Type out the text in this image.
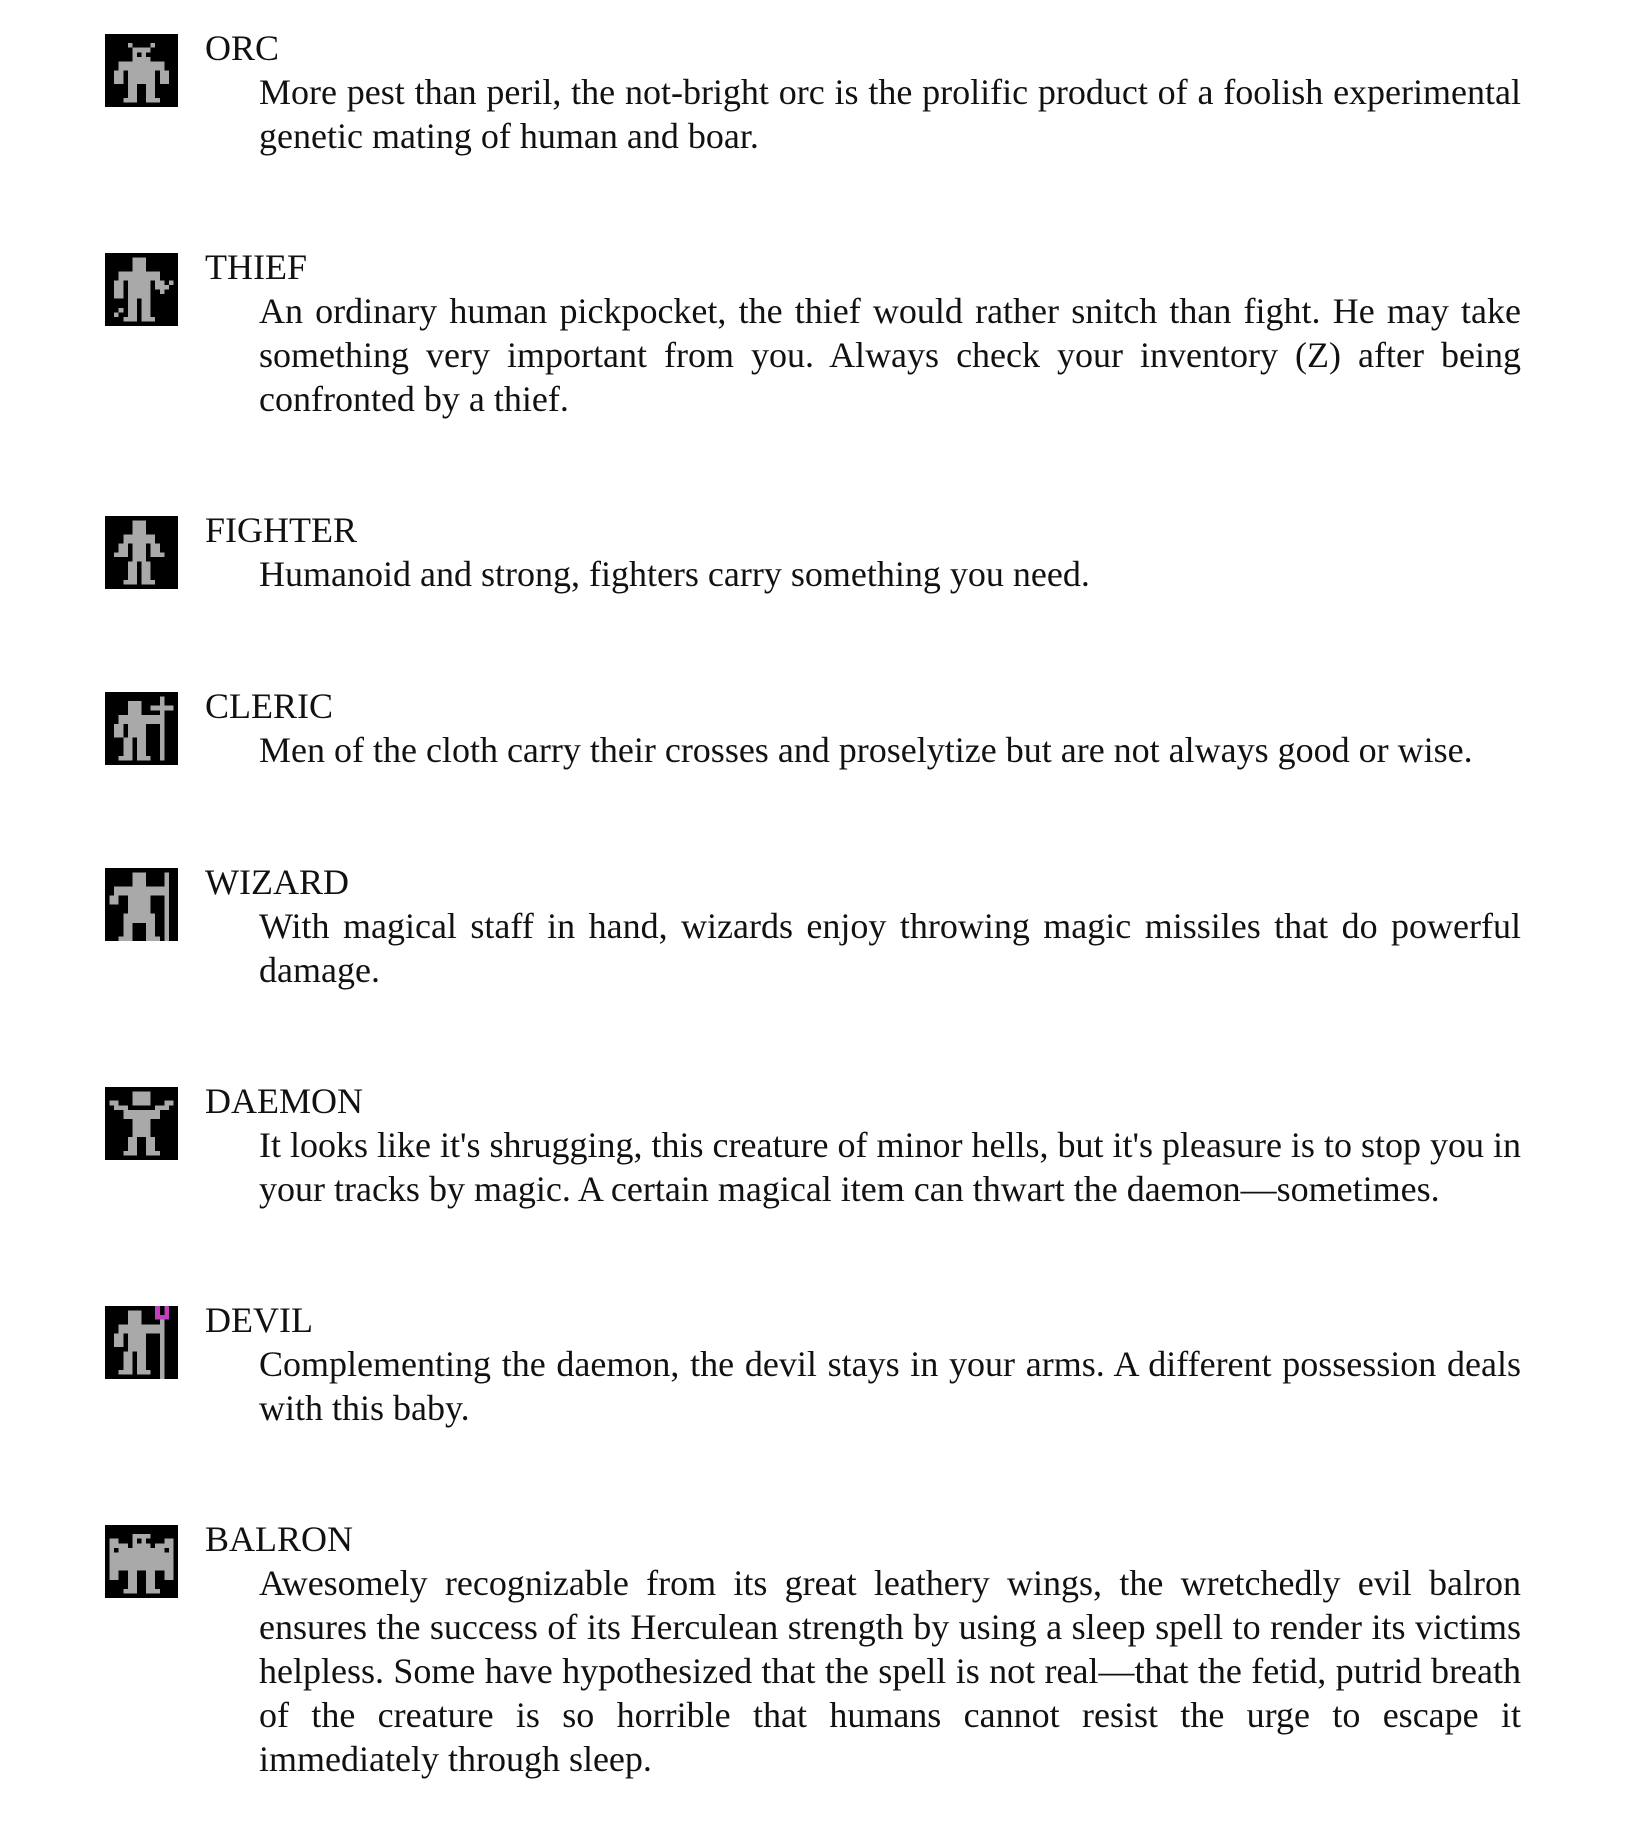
ORC
More pest than peril, the not-bright orc is the prolific product of a foolish experimental genetic mating of human and boar.
THIEF
An ordinary human pickpocket, the thief would rather snitch than fight. He may take something very important from you. Always check your inventory (Z) after being confronted by a thief.
FIGHTER
Humanoid and strong, fighters carry something you need.
CLERIC
Men of the cloth carry their crosses and proselytize but are not always good or wise.
WIZARD
With magical staff in hand, wizards enjoy throwing magic missiles that do powerful damage.
DAEMON
It looks like it's shrugging, this creature of minor hells, but it's pleasure is to stop you in your tracks by magic. A certain magical item can thwart the daemon—sometimes.
DEVIL
Complementing the daemon, the devil stays in your arms. A different possession deals with this baby.
BALRON
Awesomely recognizable from its great leathery wings, the wretchedly evil balron ensures the success of its Herculean strength by using a sleep spell to render its victims helpless. Some have hypothesized that the spell is not real—that the fetid, putrid breath of the creature is so horrible that humans cannot resist the urge to escape it immediately through sleep.
